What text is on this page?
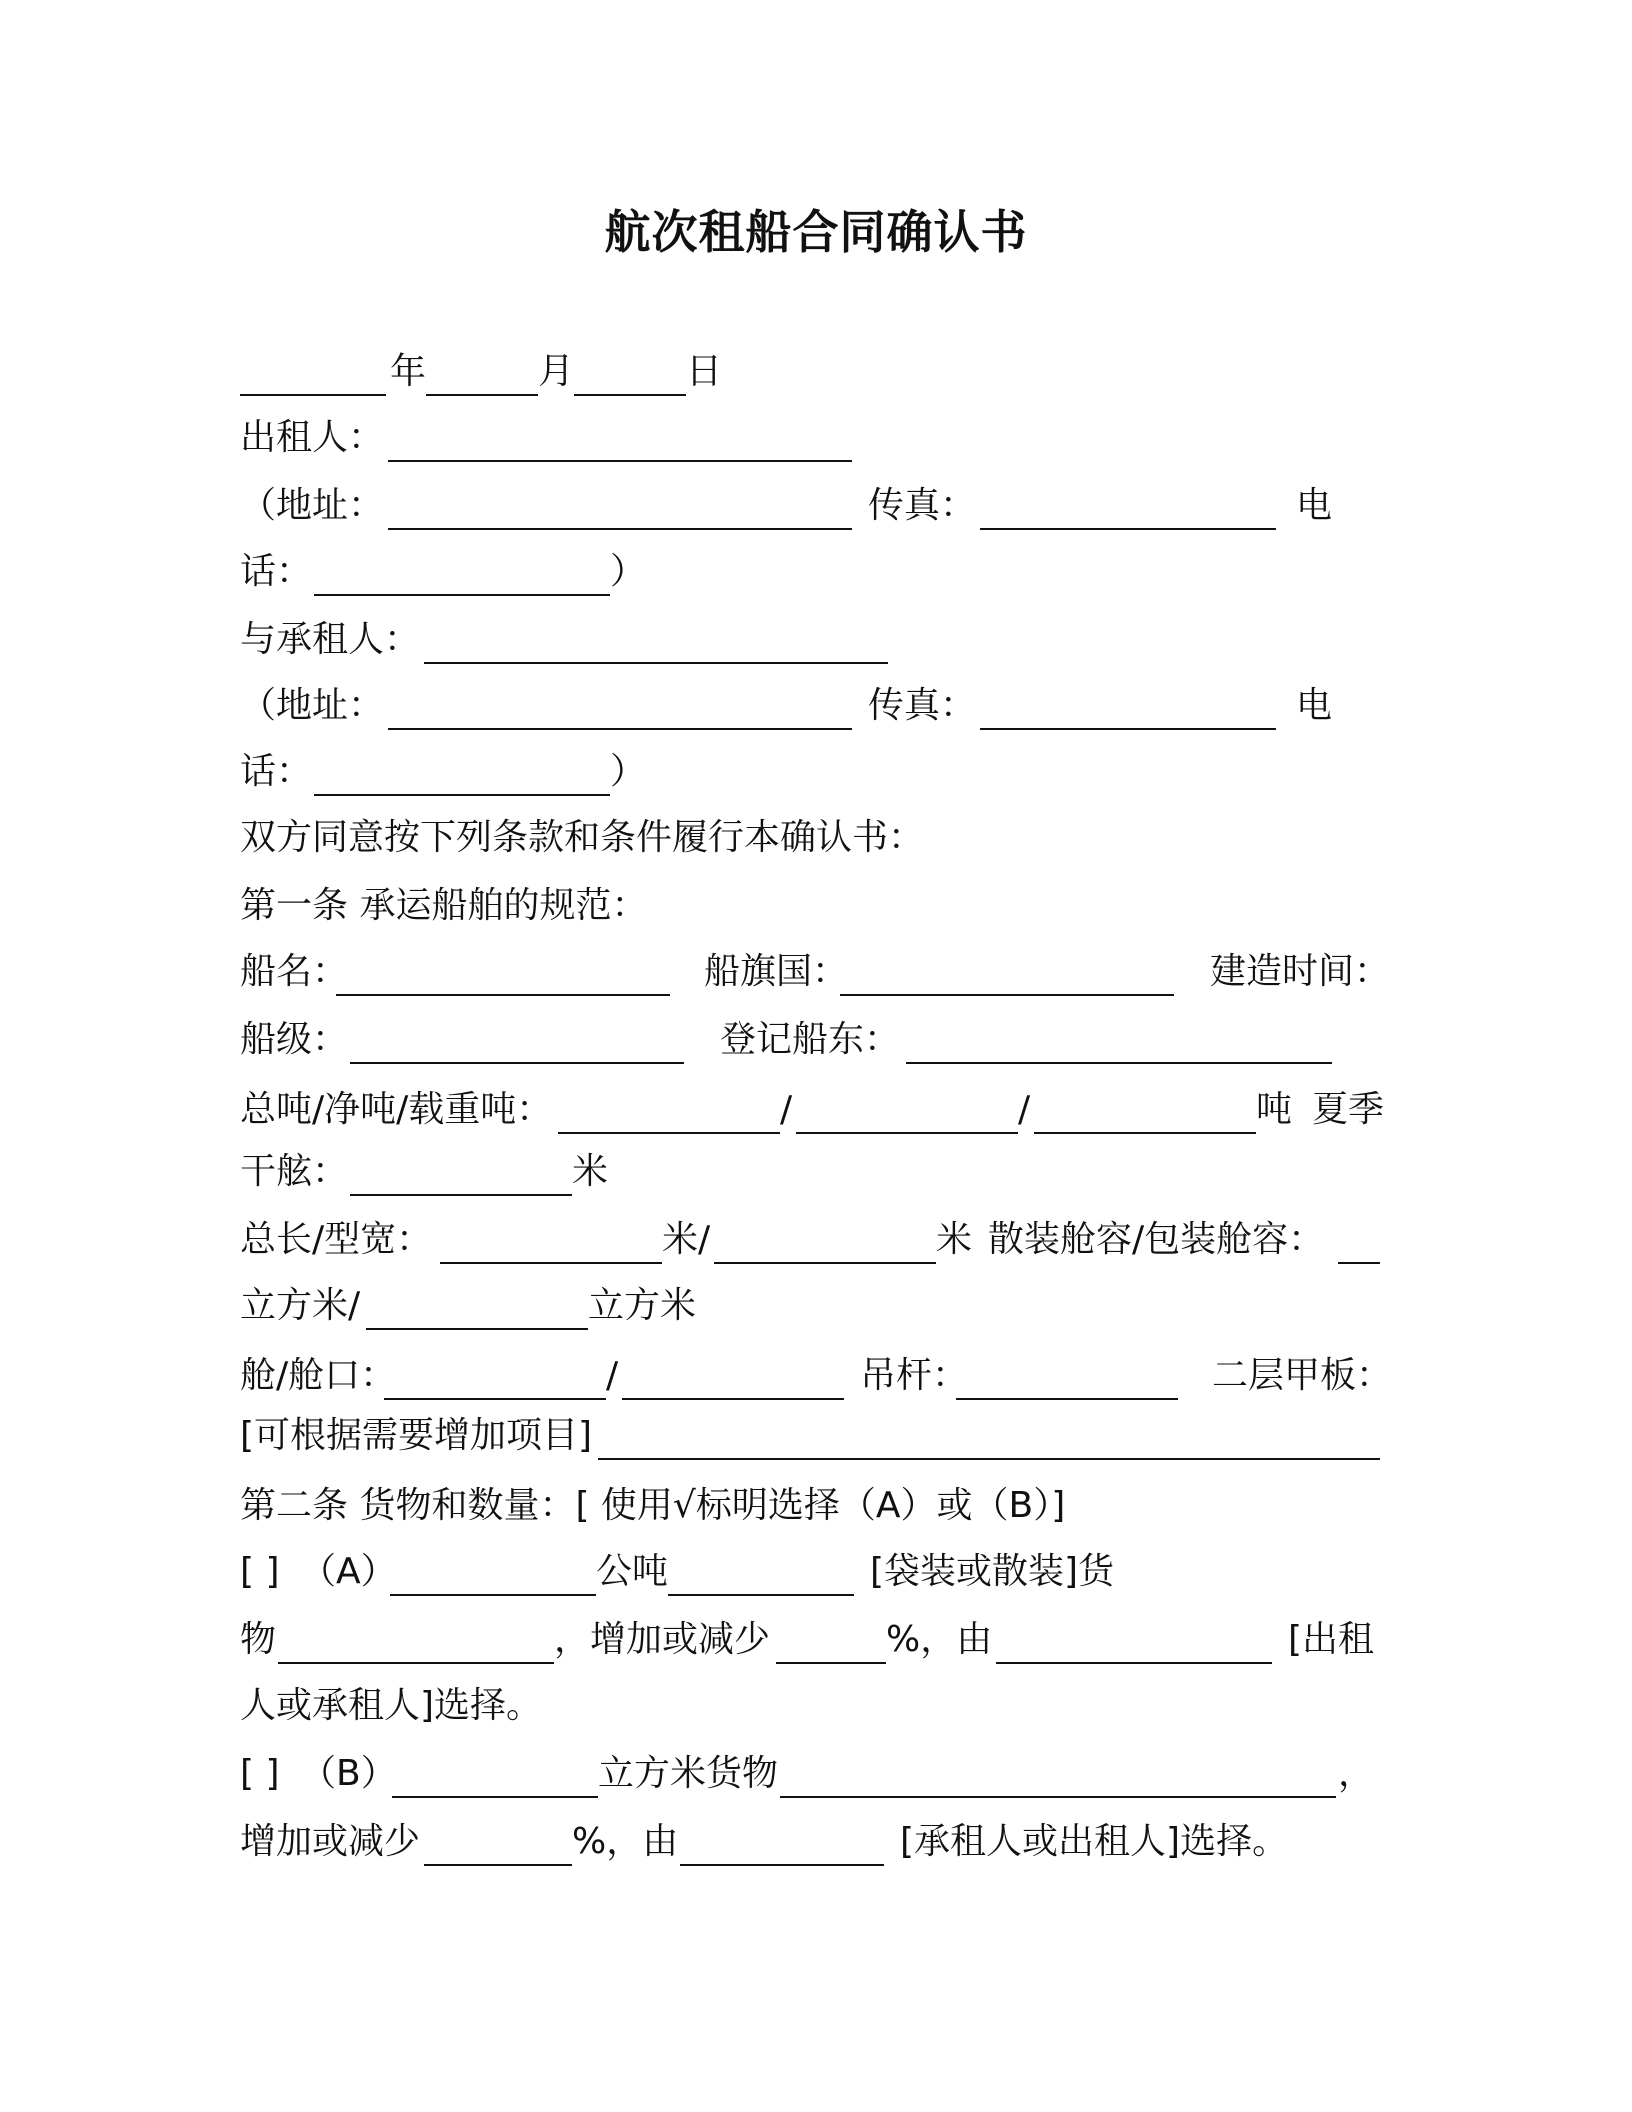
航次租船合同确认书
年	月	日
出租人：
（地址：	传真：	电
话：	）
与承租人：
（地址：	传真：	电
话：	）
双方同意按下列条款和条件履行本确认书：
第一条 承运船舶的规范：
船名：	船旗国：	建造时间：
船级：	登记船东：
总吨/净吨/载重吨：	/	/	吨 夏季
干舷：	米
总长/型宽：	米/	米 散装舱容/包装舱容：
立方米/	立方米
舱/舱口：	/	吊杆：	二层甲板：
[可根据需要增加项目]
第二条 货物和数量：[ 使用√标明选择（A）或（B）]
[ ] （A）	公吨	[袋装或散装]货
物	，增加或减少	%，由	[出租
人或承租人]选择。
[ ] （B）	立方米货物	，
增加或减少	%，由	[承租人或出租人]选择。
